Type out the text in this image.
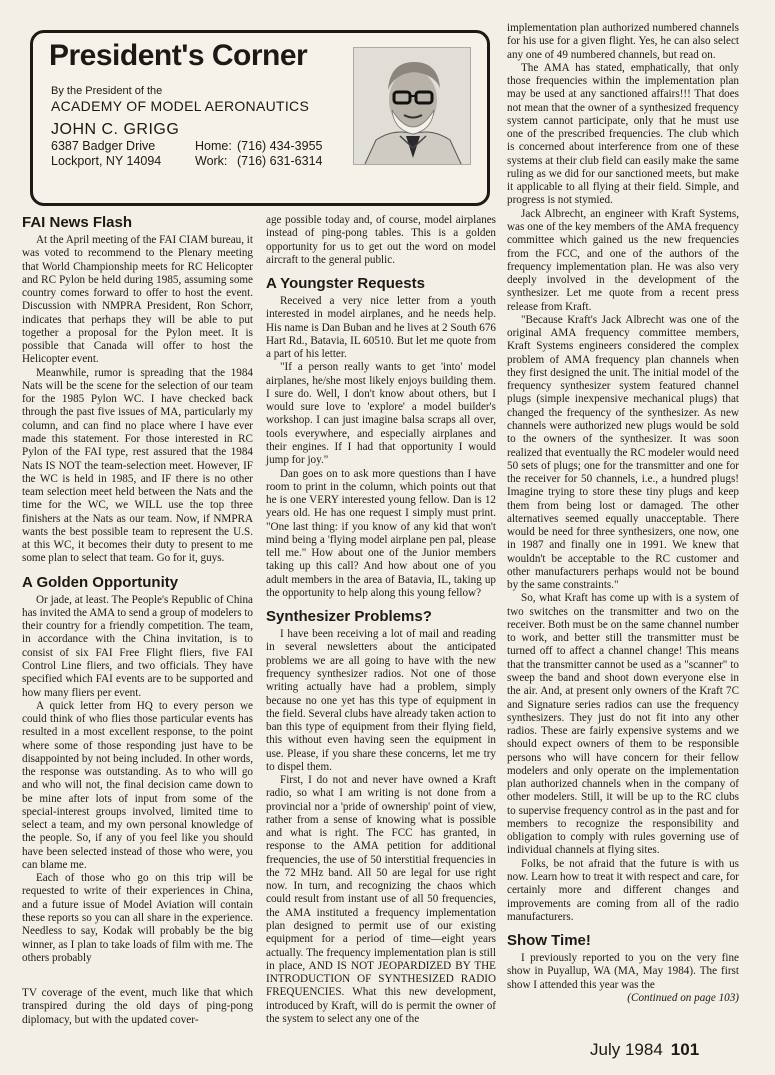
President's Corner
By the President of the
ACADEMY OF MODEL AERONAUTICS
JOHN C. GRIGG
6387 Badger Drive
Lockport, NY 14094
Home: (716) 434-3955
Work: (716) 631-6314
FAI News Flash

At the April meeting of the FAI CIAM bureau, it was voted to recommend to the Plenary meeting that World Championship meets for RC Helicopter and RC Pylon be held during 1985, assuming some country comes forward to offer to host the event. Discussion with NMPRA President, Ron Schorr, indicates that perhaps they will be able to put together a proposal for the Pylon meet. It is possible that Canada will offer to host the Helicopter event.

Meanwhile, rumor is spreading that the 1984 Nats will be the scene for the selection of our team for the 1985 Pylon WC. I have checked back through the past five issues of MA, particularly my column, and can find no place where I have ever made this statement. For those interested in RC Pylon of the FAI type, rest assured that the 1984 Nats IS NOT the team-selection meet. However, IF the WC is held in 1985, and IF there is no other team selection meet held between the Nats and the time for the WC, we WILL use the top three finishers at the Nats as our team. Now, if NMPRA wants the best possible team to represent the U.S. at this WC, it becomes their duty to present to me some plan to select that team. Go for it, guys.

A Golden Opportunity

Or jade, at least. The People's Republic of China has invited the AMA to send a group of modelers to their country for a friendly competition. The team, in accordance with the China invitation, is to consist of six FAI Free Flight fliers, five FAI Control Line fliers, and two officials. They have specified which FAI events are to be supported and how many fliers per event.

A quick letter from HQ to every person we could think of who flies those particular events has resulted in a most excellent response, to the point where some of those responding just have to be disappointed by not being included. In other words, the response was outstanding. As to who will go and who will not, the final decision came down to be mine after lots of input from some of the special-interest groups involved, limited time to select a team, and my own personal knowledge of the people. So, if any of you feel like you should have been selected instead of those who were, you can blame me.

Each of those who go on this trip will be requested to write of their experiences in China, and a future issue of Model Aviation will contain these reports so you can all share in the experience. Needless to say, Kodak will probably be the big winner, as I plan to take loads of film with me. The others probably

TV coverage of the event, much like that which transpired during the old days of ping-pong diplomacy, but with the updated cover-

age possible today and, of course, model airplanes instead of ping-pong tables. This is a golden opportunity for us to get out the word on model aircraft to the general public.

A Youngster Requests

Received a very nice letter from a youth interested in model airplanes, and he needs help. His name is Dan Buban and he lives at 2 South 676 Hart Rd., Batavia, IL 60510. But let me quote from a part of his letter.

"If a person really wants to get 'into' model airplanes, he/she most likely enjoys building them. I sure do. Well, I don't know about others, but I would sure love to 'explore' a model builder's workshop. I can just imagine balsa scraps all over, tools everywhere, and especially airplanes and their engines. If I had that opportunity I would jump for joy."

Dan goes on to ask more questions than I have room to print in the column, which points out that he is one VERY interested young fellow. Dan is 12 years old. He has one request I simply must print. "One last thing: if you know of any kid that won't mind being a 'flying model airplane pen pal, please tell me." How about one of the Junior members taking up this call? And how about one of you adult members in the area of Batavia, IL, taking up the opportunity to help along this young fellow?

Synthesizer Problems?

I have been receiving a lot of mail and reading in several newsletters about the anticipated problems we are all going to have with the new frequency synthesizer radios. Not one of those writing actually have had a problem, simply because no one yet has this type of equipment in the field. Several clubs have already taken action to ban this type of equipment from their flying field, this without even having seen the equipment in use. Please, if you share these concerns, let me try to dispel them.

First, I do not and never have owned a Kraft radio, so what I am writing is not done from a provincial nor a 'pride of ownership' point of view, rather from a sense of knowing what is possible and what is right. The FCC has granted, in response to the AMA petition for additional frequencies, the use of 50 interstitial frequencies in the 72 MHz band. All 50 are legal for use right now. In turn, and recognizing the chaos which could result from instant use of all 50 frequencies, the AMA instituted a frequency implementation plan designed to permit use of our existing equipment for a period of time—eight years actually. The frequency implementation plan is still in place, AND IS NOT JEOPARDIZED BY THE INTRODUCTION OF SYNTHESIZED RADIO FREQUENCIES. What this new development, introduced by Kraft, will do is permit the owner of the system to select any one of the

implementation plan authorized numbered channels for his use for a given flight. Yes, he can also select any one of 49 numbered channels, but read on.

The AMA has stated, emphatically, that only those frequencies within the implementation plan may be used at any sanctioned affairs!!! That does not mean that the owner of a synthesized frequency system cannot participate, only that he must use one of the prescribed frequencies. The club which is concerned about interference from one of these systems at their club field can easily make the same ruling as we did for our sanctioned meets, but make it applicable to all flying at their field. Simple, and progress is not stymied.

Jack Albrecht, an engineer with Kraft Systems, was one of the key members of the AMA frequency committee which gained us the new frequencies from the FCC, and one of the authors of the frequency implementation plan. He was also very deeply involved in the development of the synthesizer. Let me quote from a recent press release from Kraft.

"Because Kraft's Jack Albrecht was one of the original AMA frequency committee members, Kraft Systems engineers considered the complex problem of AMA frequency plan channels when they first designed the unit. The initial model of the frequency synthesizer system featured channel plugs (simple inexpensive mechanical plugs) that changed the frequency of the synthesizer. As new channels were authorized new plugs would be sold to the owners of the synthesizer. It was soon realized that eventually the RC modeler would need 50 sets of plugs; one for the transmitter and one for the receiver for 50 channels, i.e., a hundred plugs! Imagine trying to store these tiny plugs and keep them from being lost or damaged. The other alternatives seemed equally unacceptable. There would be need for three synthesizers, one now, one in 1987 and finally one in 1991. We knew that wouldn't be acceptable to the RC customer and other manufacturers perhaps would not be bound by the same constraints."

So, what Kraft has come up with is a system of two switches on the transmitter and two on the receiver. Both must be on the same channel number to work, and better still the transmitter must be turned off to affect a channel change! This means that the transmitter cannot be used as a "scanner" to sweep the band and shoot down everyone else in the air. And, at present only owners of the Kraft 7C and Signature series radios can use the frequency synthesizers. They just do not fit into any other radios. These are fairly expensive systems and we should expect owners of them to be responsible persons who will have concern for their fellow modelers and only operate on the implementation plan authorized channels when in the company of other modelers. Still, it will be up to the RC clubs to supervise frequency control as in the past and for members to recognize the responsibility and obligation to comply with rules governing use of individual channels at flying sites.

Folks, be not afraid that the future is with us now. Learn how to treat it with respect and care, for certainly more and different changes and improvements are coming from all of the radio manufacturers.

Show Time!

I previously reported to you on the very fine show in Puyallup, WA (MA, May 1984). The first show I attended this year was the

(Continued on page 103)

July 1984 101
